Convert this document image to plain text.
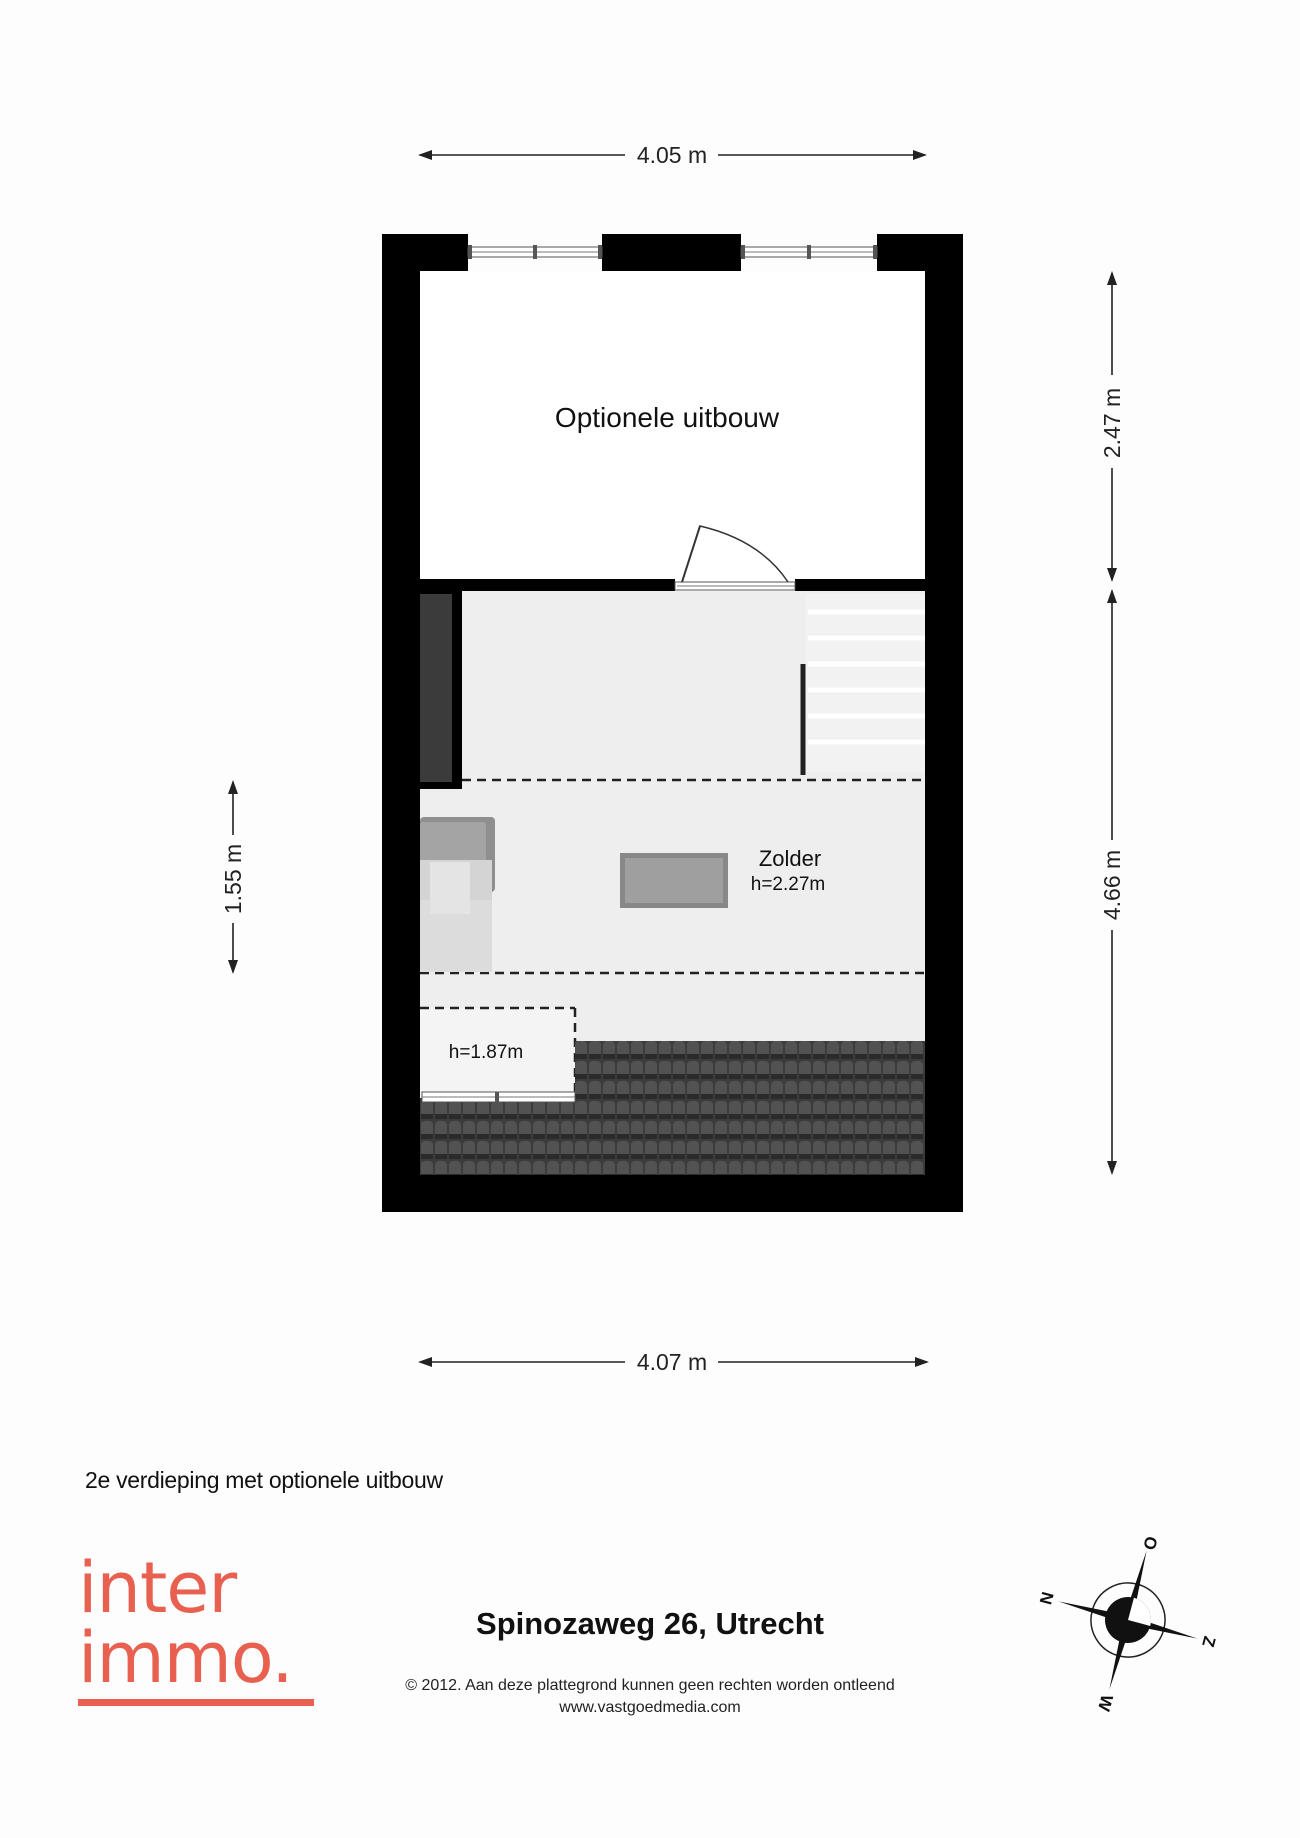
4.05 m
Optionele uitbouw
Zolder
h=2.27m
h=1.87m
2.47 m
4.66 m
1.55 m
4.07 m
O
W
N
Z
2e verdieping met optionele uitbouw
inter
immo.	Spinozaweg 26, Utrecht
© 2012. Aan deze plattegrond kunnen geen rechten worden ontleend
www.vastgoedmedia.com
